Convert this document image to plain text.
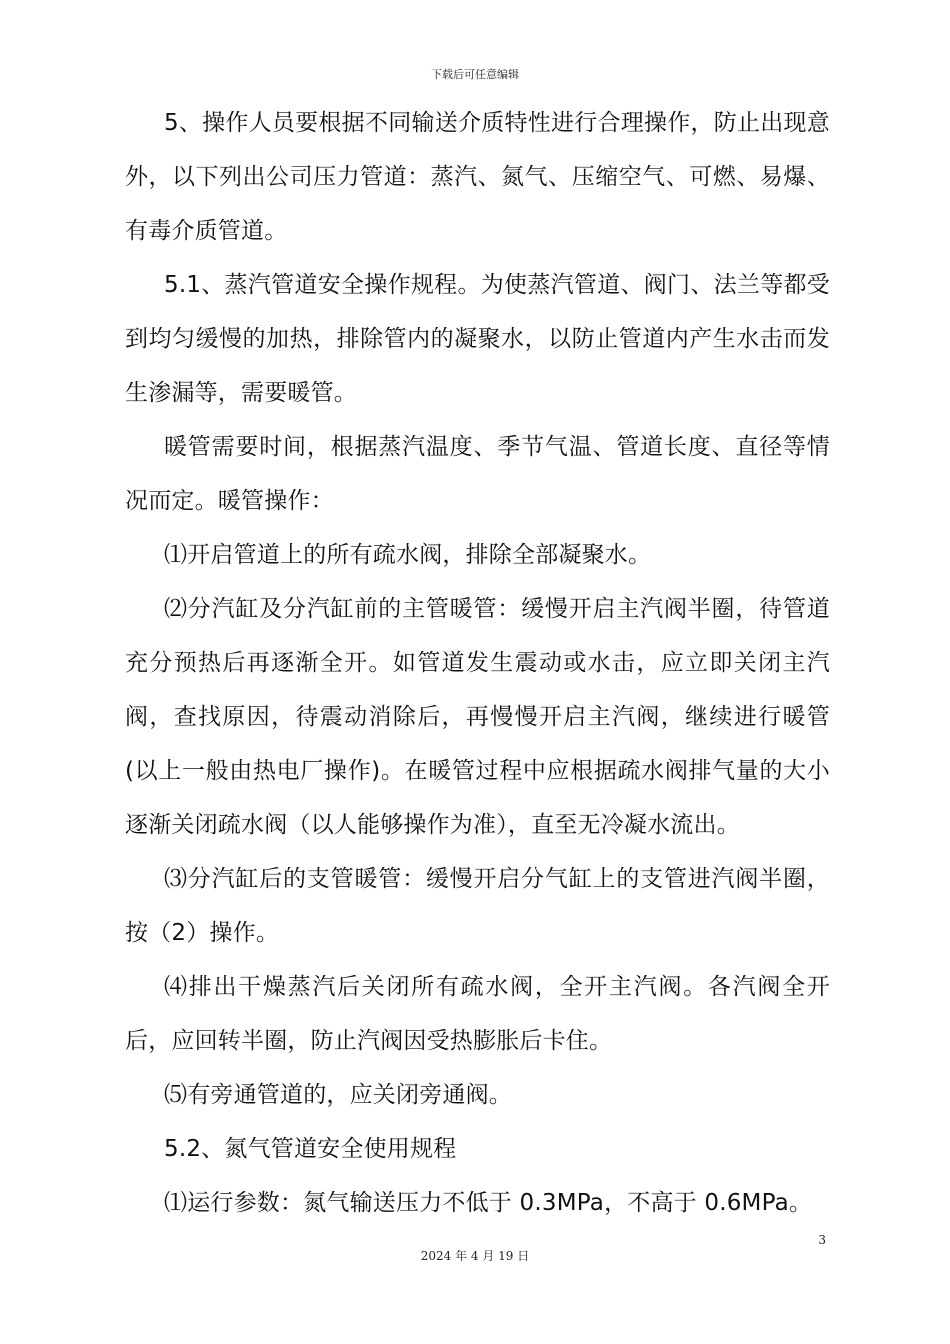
下载后可任意编辑

5、操作人员要根据不同输送介质特性进行合理操作，防止出现意外，以下列出公司压力管道：蒸汽、氮气、压缩空气、可燃、易爆、有毒介质管道。

5.1、蒸汽管道安全操作规程。为使蒸汽管道、阀门、法兰等都受到均匀缓慢的加热，排除管内的凝聚水，以防止管道内产生水击而发生渗漏等，需要暖管。

暖管需要时间，根据蒸汽温度、季节气温、管道长度、直径等情况而定。暖管操作：

⑴开启管道上的所有疏水阀，排除全部凝聚水。

⑵分汽缸及分汽缸前的主管暖管：缓慢开启主汽阀半圈，待管道充分预热后再逐渐全开。如管道发生震动或水击，应立即关闭主汽阀，查找原因，待震动消除后，再慢慢开启主汽阀，继续进行暖管(以上一般由热电厂操作)。在暖管过程中应根据疏水阀排气量的大小逐渐关闭疏水阀（以人能够操作为准），直至无冷凝水流出。

⑶分汽缸后的支管暖管：缓慢开启分气缸上的支管进汽阀半圈，按（2）操作。

⑷排出干燥蒸汽后关闭所有疏水阀，全开主汽阀。各汽阀全开后，应回转半圈，防止汽阀因受热膨胀后卡住。

⑸有旁通管道的，应关闭旁通阀。

5.2、氮气管道安全使用规程

⑴运行参数：氮气输送压力不低于 0.3MPa，不高于 0.6MPa。

3
2024 年 4 月 19 日
